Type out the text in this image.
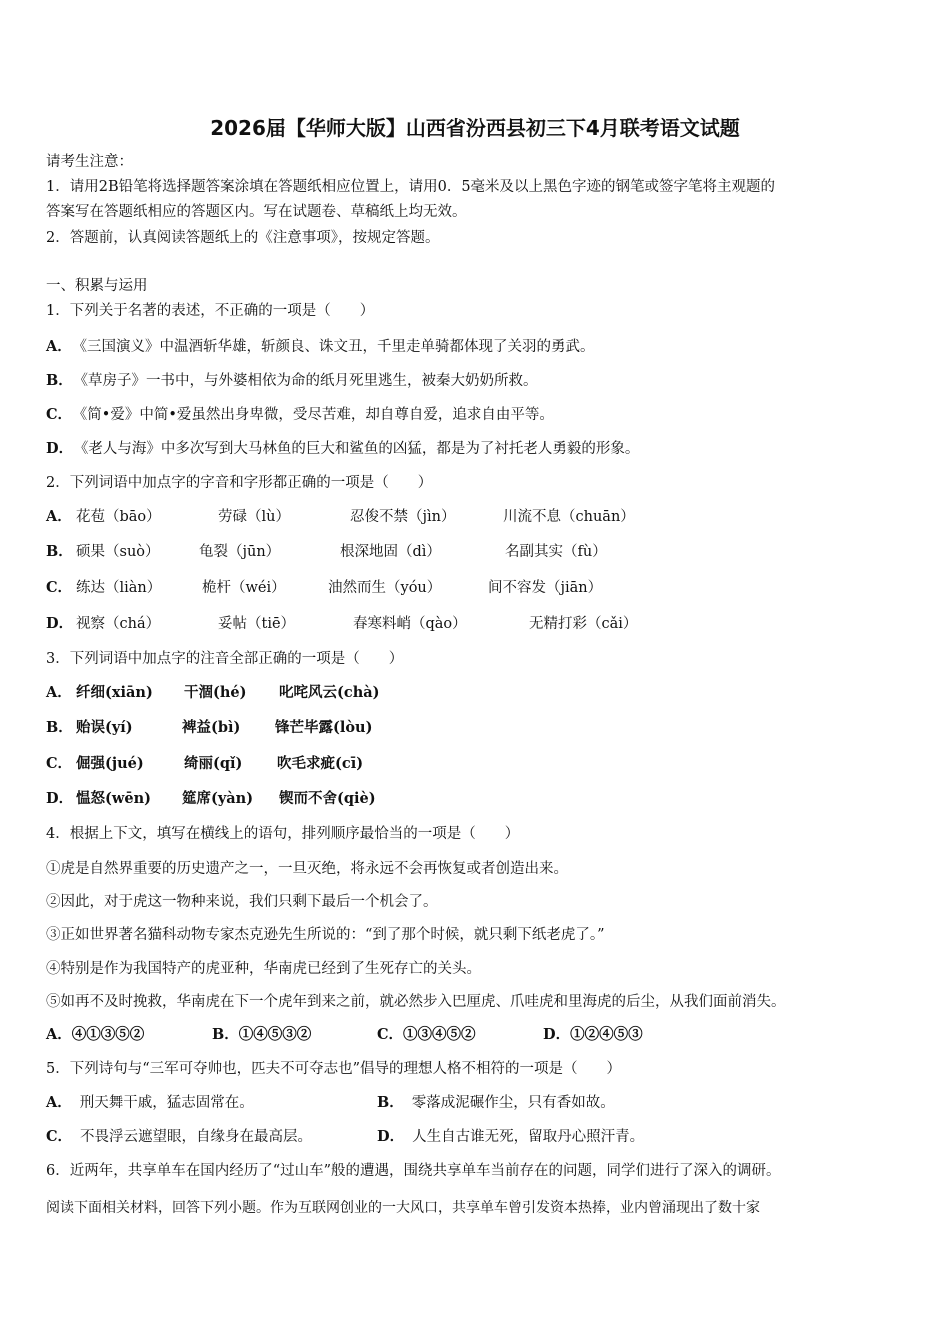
2026届【华师大版】山西省汾西县初三下4月联考语文试题
请考生注意：
1．请用2B铅笔将选择题答案涂填在答题纸相应位置上，请用0．5毫米及以上黑色字迹的钢笔或签字笔将主观题的
答案写在答题纸相应的答题区内。写在试题卷、草稿纸上均无效。
2．答题前，认真阅读答题纸上的《注意事项》，按规定答题。
一、积累与运用
1．下列关于名著的表述，不正确的一项是（　　）
A． 《三国演义》中温酒斩华雄，斩颜良、诛文丑，千里走单骑都体现了关羽的勇武。
B． 《草房子》一书中，与外婆相依为命的纸月死里逃生，被秦大奶奶所救。
C． 《简•爱》中简•爱虽然出身卑微，受尽苦难，却自尊自爱，追求自由平等。
D． 《老人与海》中多次写到大马林鱼的巨大和鲨鱼的凶猛，都是为了衬托老人勇毅的形象。
2．下列词语中加点字的字音和字形都正确的一项是（　　）
A． 花苞（bāo）	劳碌（lù）	忍俊不禁（jìn）	川流不息（chuān）
B． 硕果（suò）	龟裂（jūn）	根深地固（dì）	名副其实（fù）
C． 练达（liàn）	桅杆（wéi）	油然而生（yóu）	间不容发（jiān）
D． 视察（chá）	妥帖（tiē）	春寒料峭（qào）	无精打彩（cǎi）
3．下列词语中加点字的注音全部正确的一项是（　　）
A． 纤细(xiān) 干涸(hé) 叱咤风云(chà)
B． 贻误(yí)	裨益(bì) 锋芒毕露(lòu)
C． 倔强(jué)	绮丽(qǐ) 吹毛求疵(cī)
D． 愠怒(wēn) 筵席(yàn) 锲而不舍(qiè)
4．根据上下文，填写在横线上的语句，排列顺序最恰当的一项是（　　）
①虎是自然界重要的历史遗产之一，一旦灭绝，将永远不会再恢复或者创造出来。
②因此，对于虎这一物种来说，我们只剩下最后一个机会了。
③正如世界著名猫科动物专家杰克逊先生所说的：“到了那个时候，就只剩下纸老虎了。”
④特别是作为我国特产的虎亚种，华南虎已经到了生死存亡的关头。
⑤如再不及时挽救，华南虎在下一个虎年到来之前，就必然步入巴厘虎、爪哇虎和里海虎的后尘，从我们面前消失。
A．④①③⑤②	B．①④⑤③②	C．①③④⑤②	D．①②④⑤③
5．下列诗句与“三军可夺帅也，匹夫不可夺志也”倡导的理想人格不相符的一项是（　　）
A． 刑天舞干戚，猛志固常在。	B． 零落成泥碾作尘，只有香如故。
C． 不畏浮云遮望眼，自缘身在最高层。	D． 人生自古谁无死，留取丹心照汗青。
6．近两年，共享单车在国内经历了“过山车”般的遭遇，围绕共享单车当前存在的问题，同学们进行了深入的调研。
阅读下面相关材料，回答下列小题。作为互联网创业的一大风口，共享单车曾引发资本热捧，业内曾涌现出了数十家
